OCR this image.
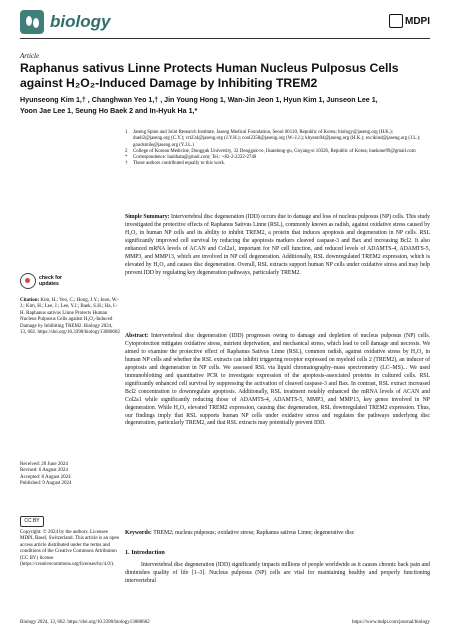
biology	MDPI
Article
Raphanus sativus Linne Protects Human Nucleus Pulposus Cells against H₂O₂-Induced Damage by Inhibiting TREM2
Hyunseong Kim 1,† , Changhwan Yeo 1,† , Jin Young Hong 1, Wan-Jin Jeon 1, Hyun Kim 1, Junseon Lee 1,
Yoon Jae Lee 1, Seung Ho Baek 2 and In-Hyuk Ha 1,*
1	Jaseng Spine and Joint Research Institute, Jaseng Medical Foundation, Seoul 06110, Republic of Korea; biology@jaseng.org (H.K.); duell2@jaseng.org (C.Y.); vrt234@jaseng.org (J.Y.H.); cool2358@jaseng.org (W.-J.J.); khyeon94@jaseng.org (H.K.); excikind@jaseng.org (J.L.); goodsmile@jaseng.org (Y.J.L.)
2	College of Korean Medicine, Dongguk University, 32 Dongguk-ro, Ilsandong-gu, Goyang-si 10326, Republic of Korea; baekone99@gmail.com
*	Correspondence: hanihata@gmail.com; Tel.: +82-2-2222-2740
†	These authors contributed equally to this work.
Simple Summary: Intervertebral disc degeneration (IDD) occurs due to damage and loss of nucleus pulposus (NP) cells. This study investigated the protective effects of Raphanus Sativus Linne (RSL), commonly known as radish, against oxidative stress caused by H₂O₂ in human NP cells and its ability to inhibit TREM2, a protein that induces apoptosis and degeneration in NP cells. RSL significantly improved cell survival by reducing the apoptosis markers cleaved caspase-3 and Bax and increasing Bcl2. It also enhanced mRNA levels of ACAN and Col2a1, important for NP cell function, and reduced levels of ADAMTS-4, ADAMTS-5, MMP3, and MMP13, which are involved in NP cell degeneration. Additionally, RSL downregulated TREM2 expression, which is elevated by H₂O₂ and causes disc degeneration. Overall, RSL extracts support human NP cells under oxidative stress and may help prevent IDD by regulating key degeneration pathways, particularly TREM2.
check for updates
Citation: Kim, H.; Yeo, C.; Hong, J.Y.; Jeon, W.-J.; Kim, H.; Lee, J.; Lee, Y.J.; Baek, S.H.; Ha, I.-H. Raphanus sativus Linne Protects Human Nucleus Pulposus Cells against H₂O₂-Induced Damage by Inhibiting TREM2. Biology 2024, 13, 602. https://doi.org/10.3390/biology13080602
Received: 20 June 2024
Revised: 6 August 2024
Accepted: 8 August 2024
Published: 9 August 2024
CC BY
Copyright: © 2024 by the authors. Licensee MDPI, Basel, Switzerland. This article is an open access article distributed under the terms and conditions of the Creative Commons Attribution (CC BY) license (https://creativecommons.org/licenses/by/4.0/).
Abstract: Intervertebral disc degeneration (IDD) progresses owing to damage and depletion of nucleus pulposus (NP) cells. Cytoprotection mitigates oxidative stress, nutrient deprivation, and mechanical stress, which lead to cell damage and necrosis. We aimed to examine the protective effect of Raphanus Sativus Linne (RSL), common radish, against oxidative stress by H₂O₂ in human NP cells and whether the RSL extracts can inhibit triggering receptor expressed on myeloid cells 2 (TREM2), an inducer of apoptosis and degeneration in NP cells. We assessed RSL via liquid chromatography–mass spectrometry (LC–MS)... We used immunoblotting and quantitative PCR to investigate expression of the apoptosis-associated proteins in cultured cells. RSL significantly enhanced cell survival by suppressing the activation of cleaved caspase-3 and Bax. In contrast, RSL extract increased Bcl2 concentration to downregulate apoptosis. Additionally, RSL treatment notably enhanced the mRNA levels of ACAN and Col2a1 while significantly reducing those of ADAMTS-4, ADAMTS-5, MMP3, and MMP13, key genes involved in NP degeneration. While H₂O₂ elevated TREM2 expression, causing disc degeneration, RSL downregulated TREM2 expression. Thus, our findings imply that RSL supports human NP cells under oxidative stress and regulates the pathways underlying disc degeneration, particularly TREM2, and that RSL extracts may potentially prevent IDD.
Keywords: TREM2; nucleus pulposus; oxidative stress; Raphanus sativus Linne; degenerative disc
1. Introduction
Intervertebral disc degeneration (IDD) significantly impacts millions of people worldwide as it causes chronic back pain and diminishes quality of life [1–3]. Nucleus pulposus (NP) cells are vital for maintaining healthy and properly functioning intervertebral
Biology 2024, 13, 602. https://doi.org/10.3390/biology13080602	https://www.mdpi.com/journal/biology
